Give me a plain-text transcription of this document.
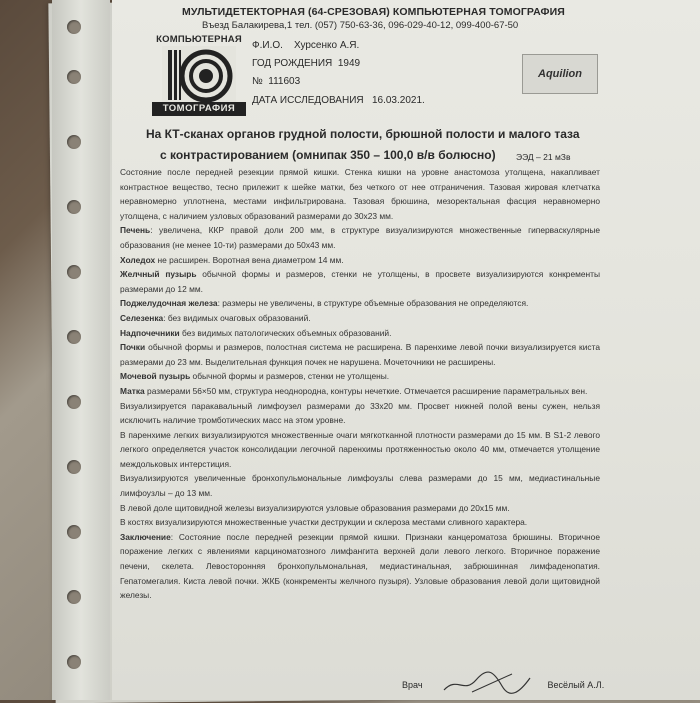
МУЛЬТИДЕТЕКТОРНАЯ (64-СРЕЗОВАЯ) КОМПЬЮТЕРНАЯ ТОМОГРАФИЯ
Въезд Балакирева,1 тел. (057) 750-63-36, 096-029-40-12, 099-400-67-50
КОМПЬЮТЕРНАЯ
ТОМОГРАФИЯ
Ф.И.О. Хурсенко А.Я.
ГОД РОЖДЕНИЯ 1949
№ 111603
ДАТА ИССЛЕДОВАНИЯ 16.03.2021.
Aquilion
На КТ-сканах органов грудной полости, брюшной полости и малого таза
с контрастированием (омнипак 350 – 100,0 в/в болюсно) ЭЭД – 21 мЗв

Состояние после передней резекции прямой кишки. Стенка кишки на уровне анастомоза утолщена, накапливает контрастное вещество, тесно прилежит к шейке матки, без четкого от нее отграничения. Тазовая жировая клетчатка неравномерно уплотнена, местами инфильтрирована. Тазовая брюшина, мезоректальная фасция неравномерно утолщена, с наличием узловых образований размерами до 30х23 мм.

Печень: увеличена, ККР правой доли 200 мм, в структуре визуализируются множественные гиперваскулярные образования (не менее 10-ти) размерами до 50х43 мм.

Холедох не расширен. Воротная вена диаметром 14 мм.

Желчный пузырь обычной формы и размеров, стенки не утолщены, в просвете визуализируются конкременты размерами до 12 мм.

Поджелудочная железа: размеры не увеличены, в структуре объемные образования не определяются.

Селезенка: без видимых очаговых образований.

Надпочечники без видимых патологических объемных образований.

Почки обычной формы и размеров, полостная система не расширена. В паренхиме левой почки визуализируется киста размерами до 23 мм. Выделительная функция почек не нарушена. Мочеточники не расширены.

Мочевой пузырь обычной формы и размеров, стенки не утолщены.

Матка размерами 56×50 мм, структура неоднородна, контуры нечеткие. Отмечается расширение параметральных вен.

Визуализируется паракавальный лимфоузел размерами до 33х20 мм. Просвет нижней полой вены сужен, нельзя исключить наличие тромботических масс на этом уровне.

В паренхиме легких визуализируются множественные очаги мягкотканной плотности размерами до 15 мм. В S1-2 левого легкого определяется участок консолидации легочной паренхимы протяженностью около 40 мм, отмечается утолщение междольковых интерстиция.

Визуализируются увеличенные бронхопульмональные лимфоузлы слева размерами до 15 мм, медиастинальные лимфоузлы – до 13 мм.

В левой доле щитовидной железы визуализируются узловые образования размерами до 20х15 мм.

В костях визуализируются множественные участки деструкции и склероза местами сливного характера.

Заключение: Состояние после передней резекции прямой кишки. Признаки канцероматоза брюшины. Вторичное поражение легких с явлениями карциноматозного лимфангита верхней доли левого легкого. Вторичное поражение печени, скелета. Левосторонняя бронхопульмональная, медиастинальная, забрюшинная лимфаденопатия. Гепатомегалия. Киста левой почки. ЖКБ (конкременты желчного пузыря). Узловые образования левой доли щитовидной железы.

Врач	Весёлый А.Л.
